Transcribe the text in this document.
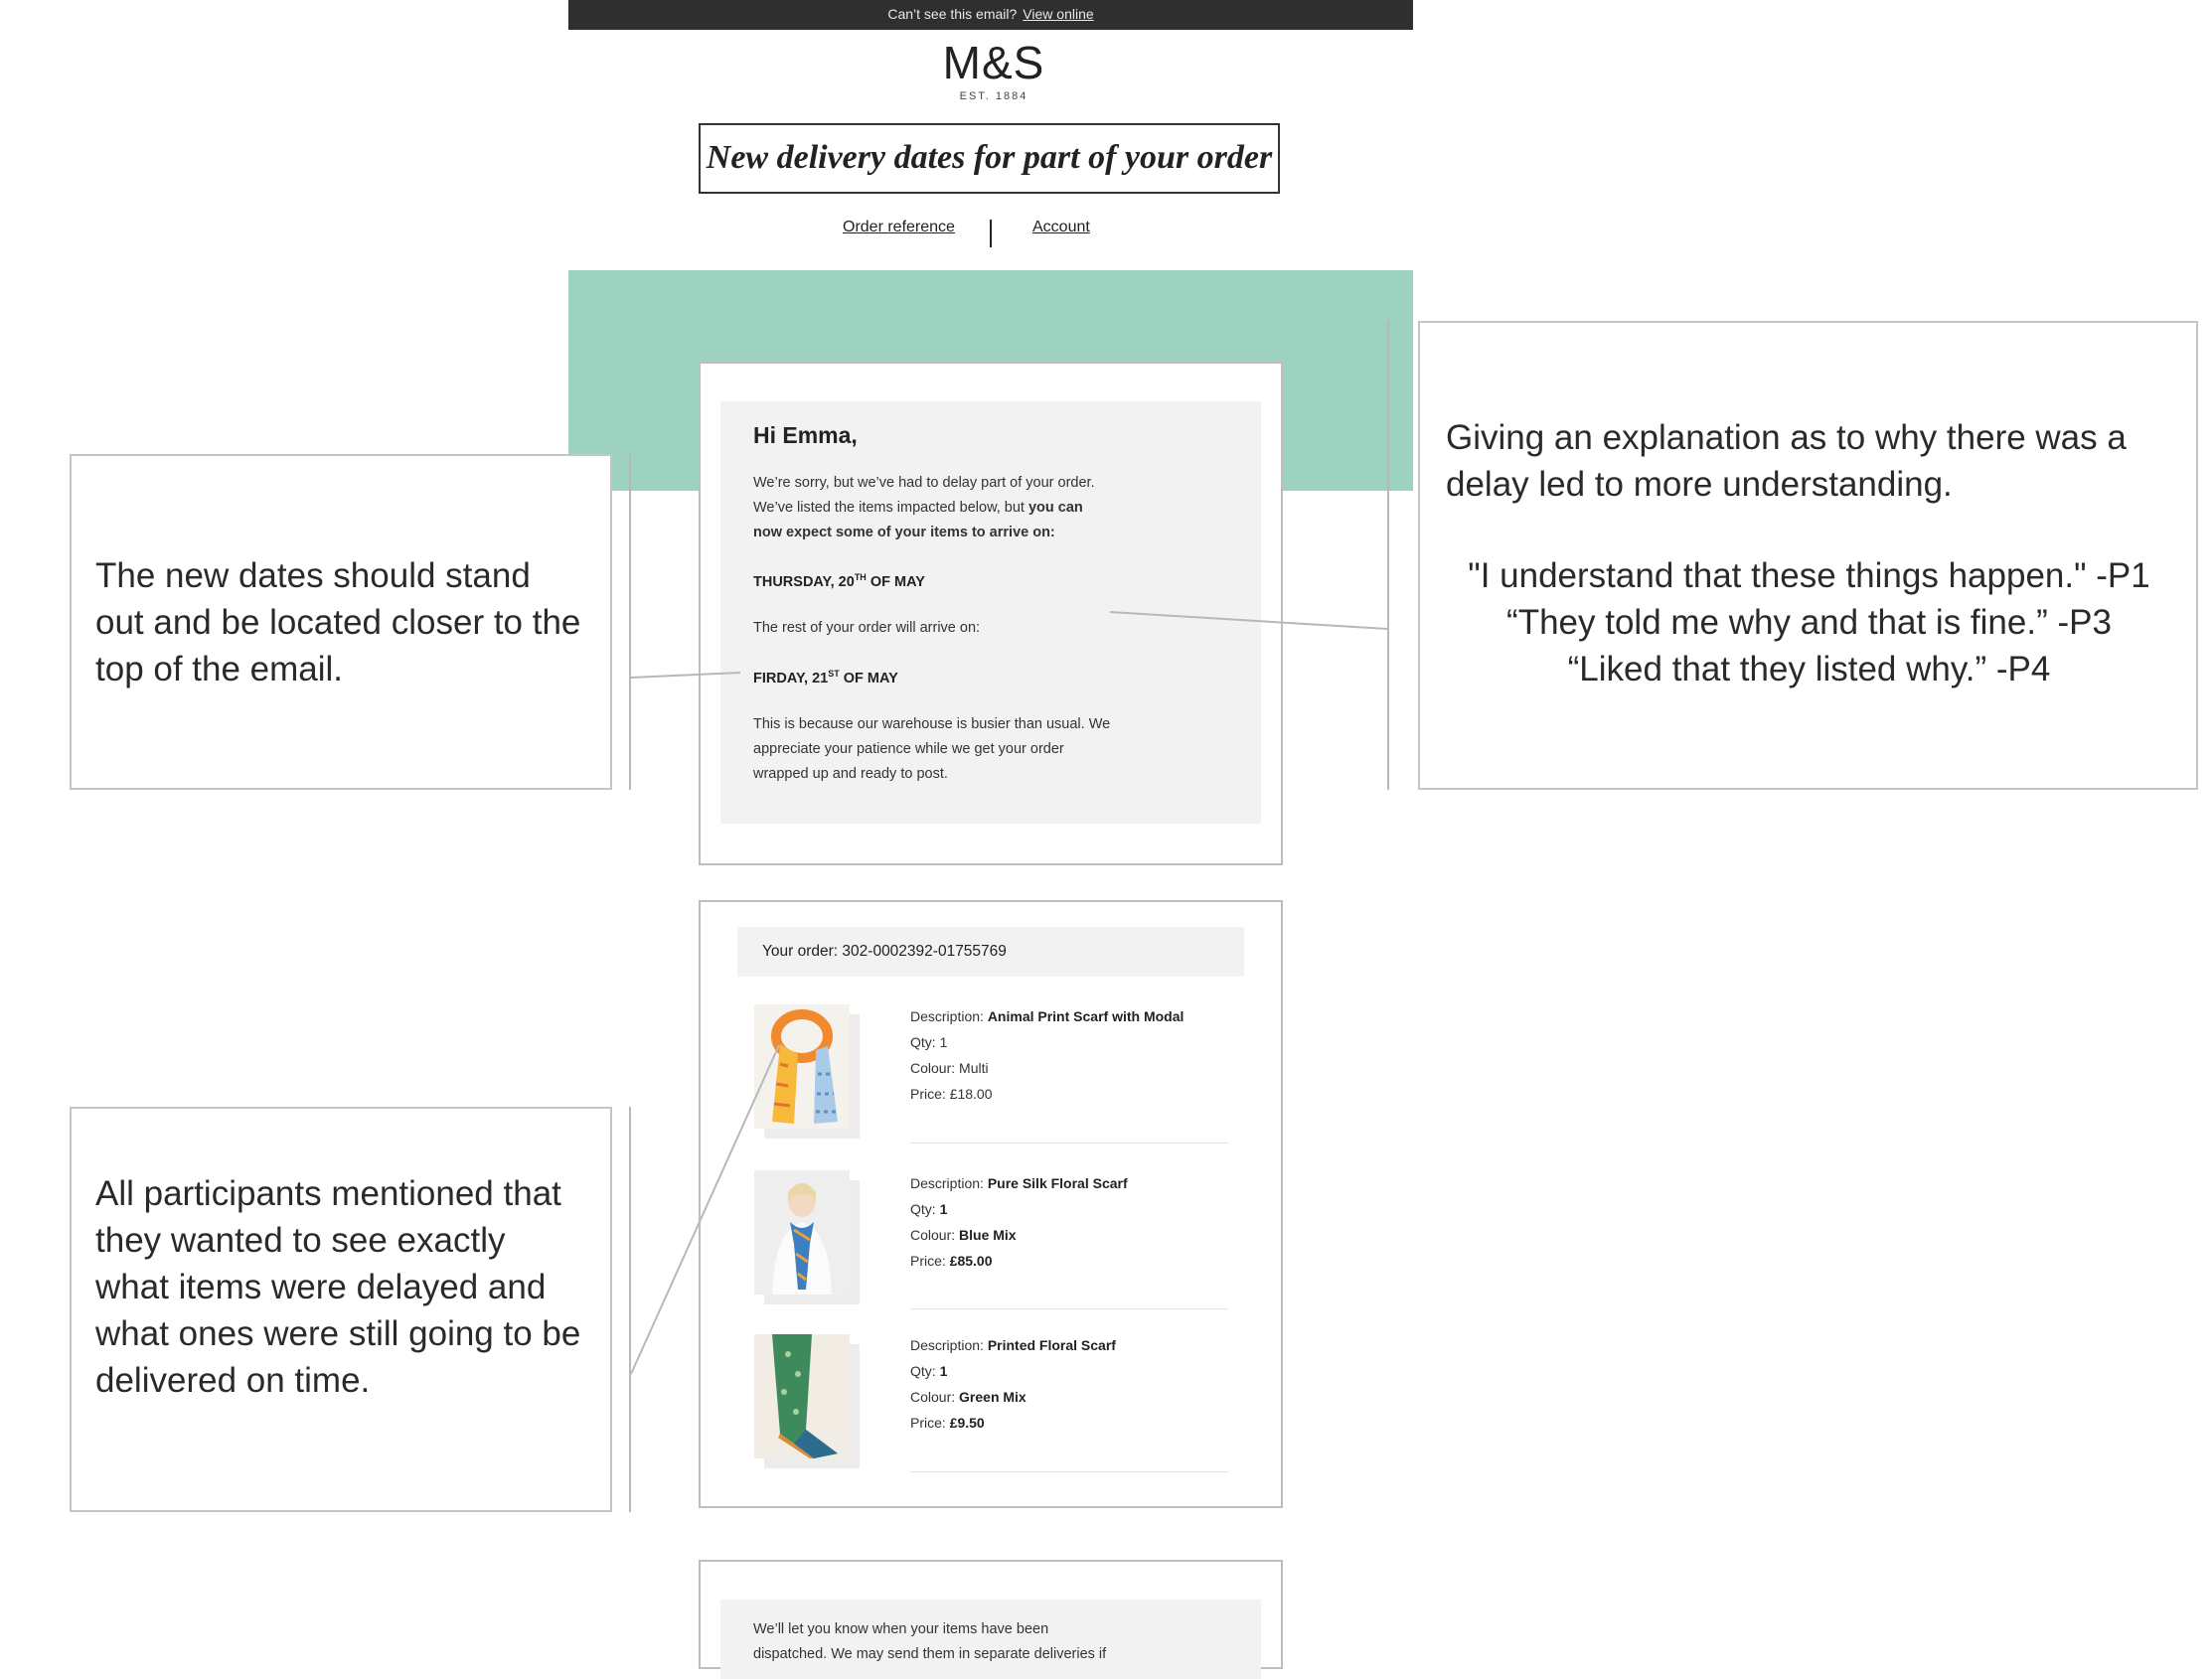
Can’t see this email? View online
M&S
EST. 1884
New delivery dates for part of your order
Order reference	Account
Hi Emma,
We’re sorry, but we’ve had to delay part of your order.
We’ve listed the items impacted below, but you can
now expect some of your items to arrive on:
THURSDAY, 20TH OF MAY
The rest of your order will arrive on:
FIRDAY, 21ST OF MAY
This is because our warehouse is busier than usual. We
appreciate your patience while we get your order
wrapped up and ready to post.
Your order: 302-0002392-01755769
Description: Animal Print Scarf with Modal
Qty: 1
Colour: Multi
Price: £18.00
Description: Pure Silk Floral Scarf
Qty: 1
Colour: Blue Mix
Price: £85.00
Description: Printed Floral Scarf
Qty: 1
Colour: Green Mix
Price: £9.50
We’ll let you know when your items have been
dispatched. We may send them in separate deliveries if
The new dates should stand out and be located closer to the top of the email.
All participants mentioned that they wanted to see exactly what items were delayed and what ones were still going to be delivered on time.
Giving an explanation as to why there was a delay led to more understanding.
"I understand that these things happen." -P1
“They told me why and that is fine.” -P3
“Liked that they listed why.” -P4
